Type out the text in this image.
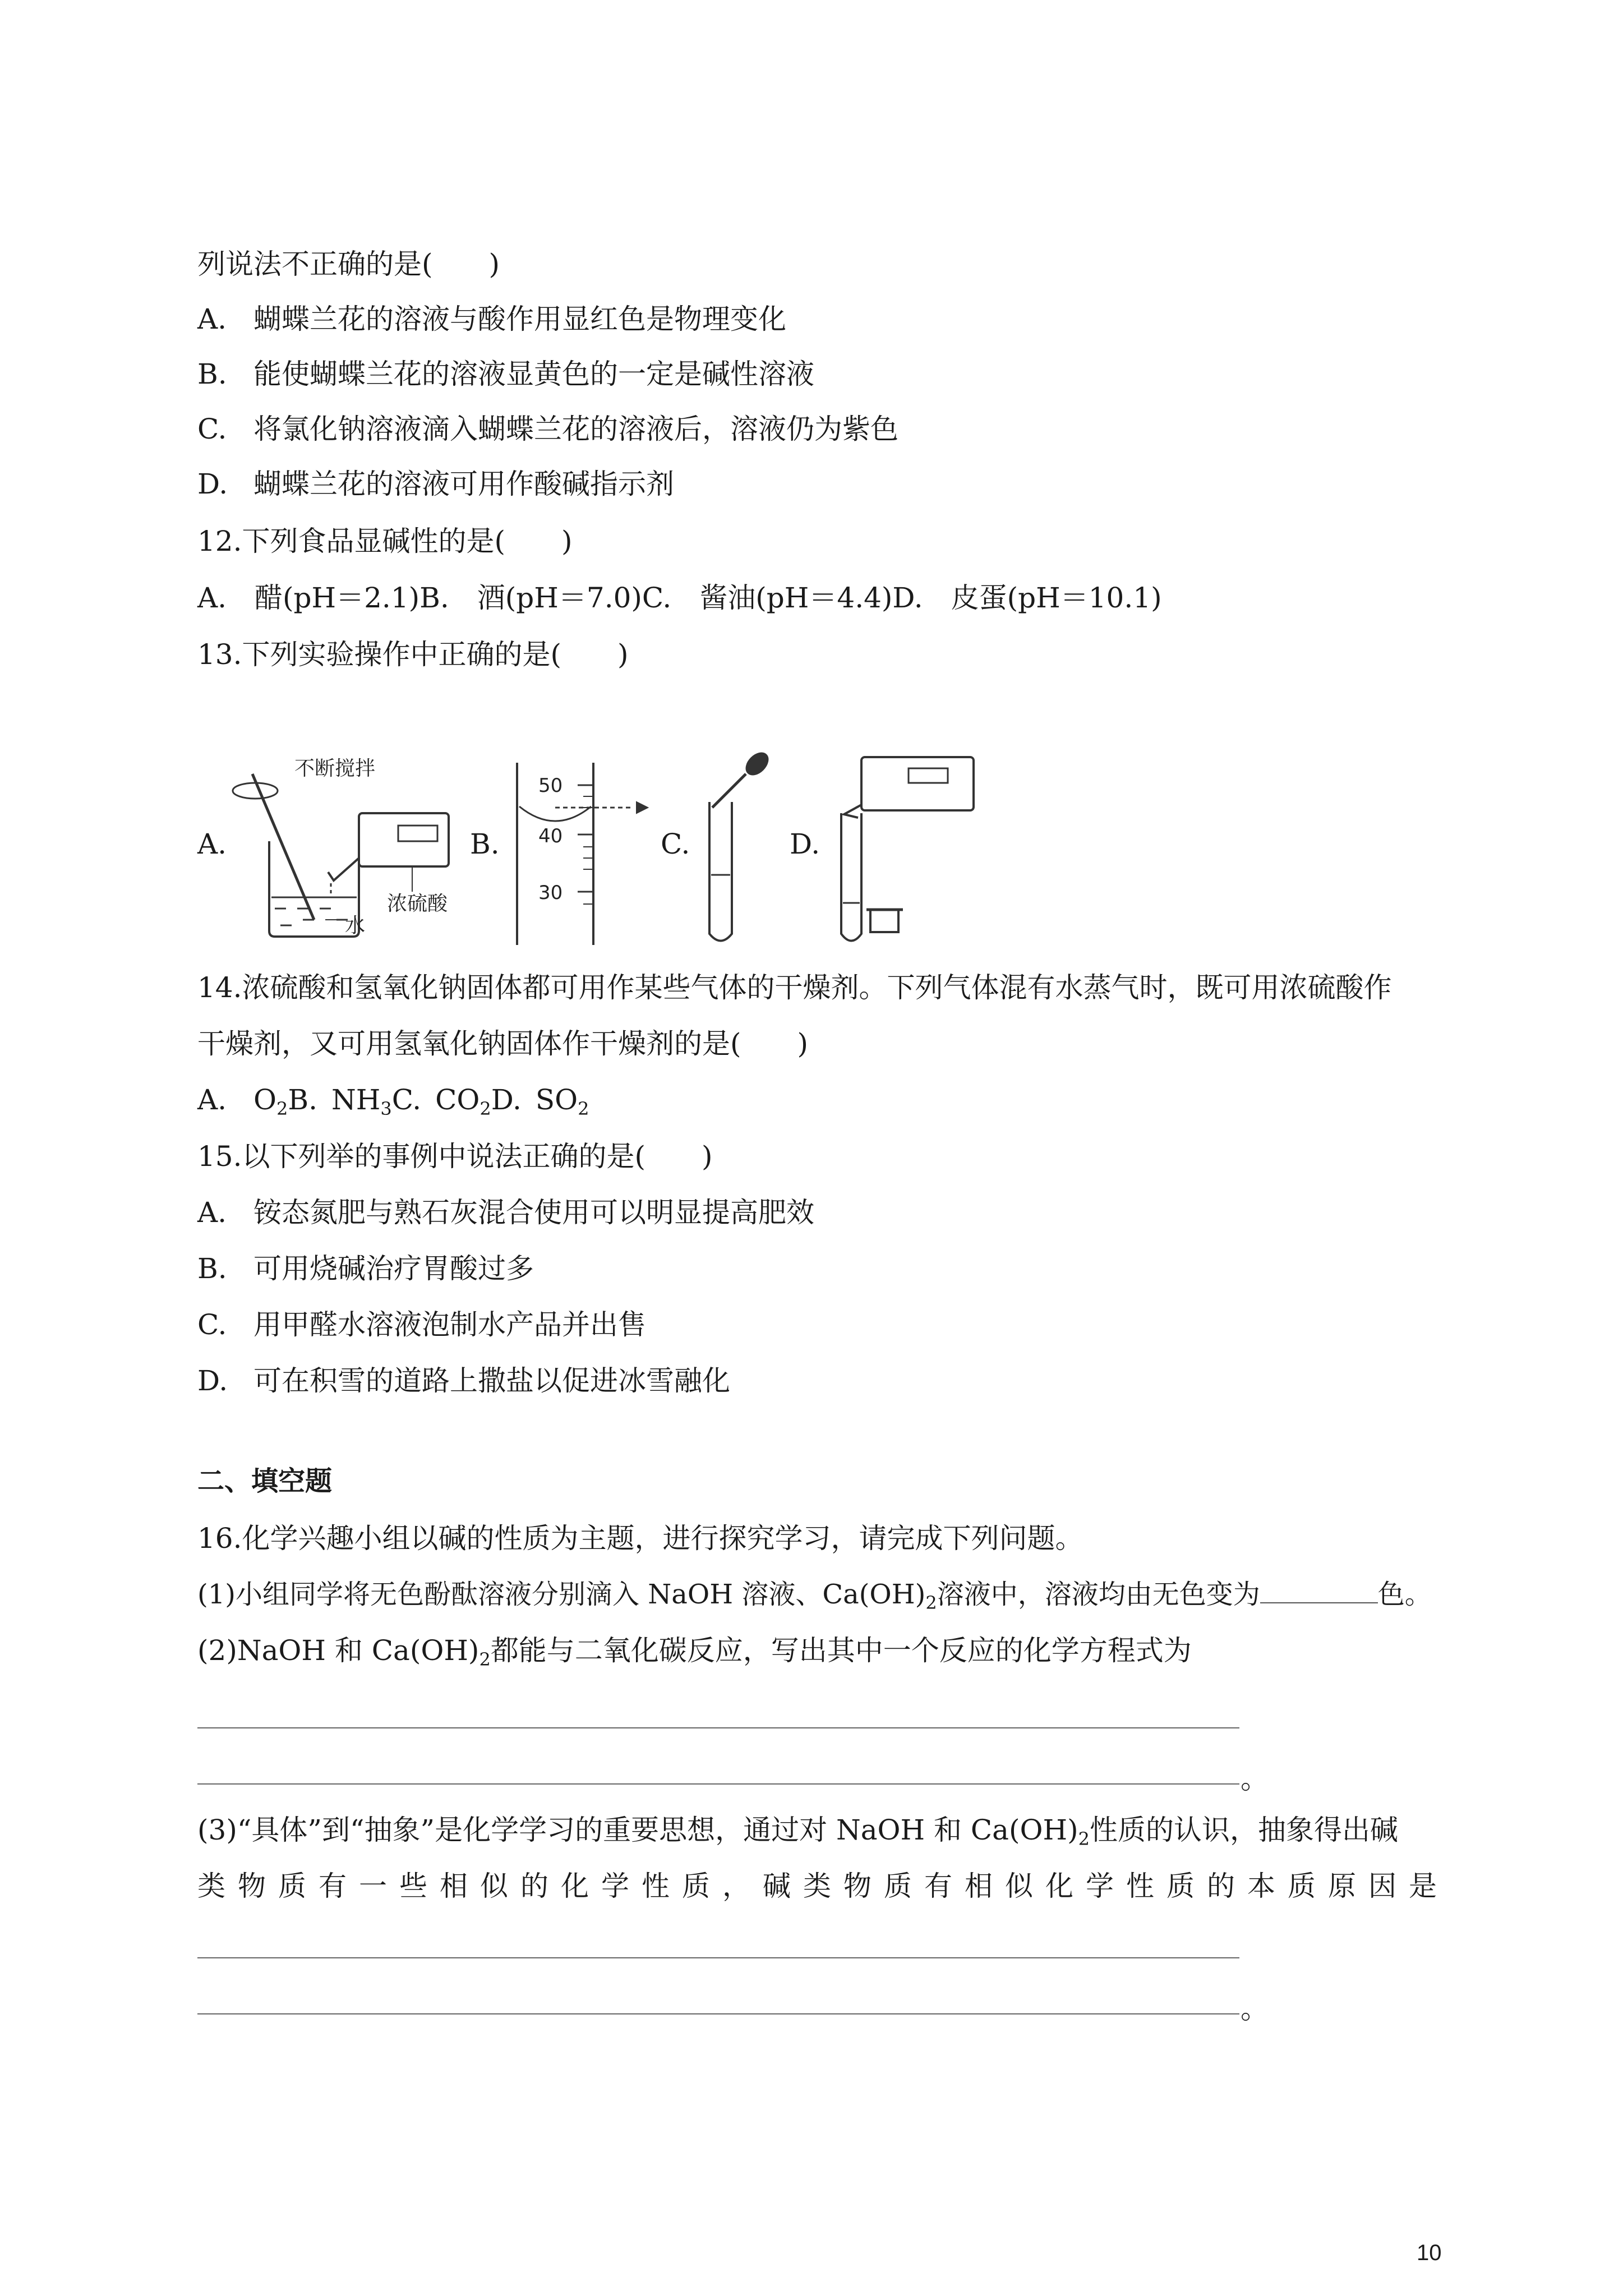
列说法不正确的是(　　)
A. 蝴蝶兰花的溶液与酸作用显红色是物理变化
B. 能使蝴蝶兰花的溶液显黄色的一定是碱性溶液
C. 将氯化钠溶液滴入蝴蝶兰花的溶液后，溶液仍为紫色
D. 蝴蝶兰花的溶液可用作酸碱指示剂
12.下列食品显碱性的是(　　)
A.　醋(pH＝2.1)B.　酒(pH＝7.0)C.　酱油(pH＝4.4)D.　皮蛋(pH＝10.1)
13.下列实验操作中正确的是(　　)
A.	B.	C.	D.
不断搅拌
浓硫酸
水
50
40
30
14.浓硫酸和氢氧化钠固体都可用作某些气体的干燥剂。下列气体混有水蒸气时，既可用浓硫酸作
干燥剂，又可用氢氧化钠固体作干燥剂的是(　　)
A. $O_2B$. $NH_3C$. $CO_2D$. $SO_2$
15.以下列举的事例中说法正确的是(　　)
A. 铵态氮肥与熟石灰混合使用可以明显提高肥效
B. 可用烧碱治疗胃酸过多
C. 用甲醛水溶液泡制水产品并出售
D. 可在积雪的道路上撒盐以促进冰雪融化
二、填空题
16.化学兴趣小组以碱的性质为主题，进行探究学习，请完成下列问题。
(1)小组同学将无色酚酞溶液分别滴入 NaOH 溶液、$Ca(OH)_2$溶液中，溶液均由无色变为	色。
(2)NaOH 和 $Ca(OH)_2$都能与二氧化碳反应，写出其中一个反应的化学方程式为
。
(3)“具体”到“抽象”是化学学习的重要思想，通过对 NaOH 和 $Ca(OH)_2$性质的认识，抽象得出碱
类物质有一些相似的化学性质，碱类物质有相似化学性质的本质原因是
。
10
